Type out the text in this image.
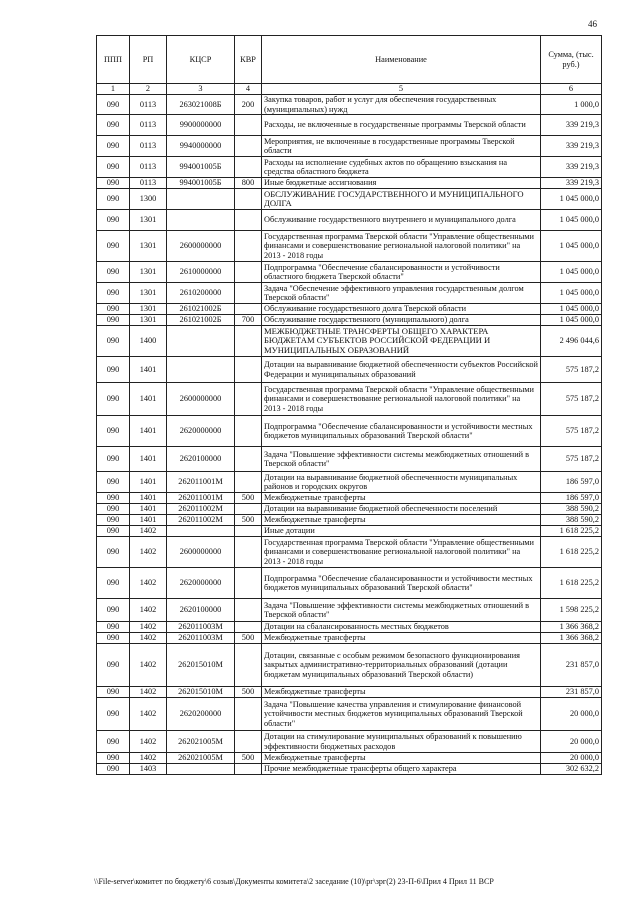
46
ППП	РП	КЦСР	КВР	Наименование	Сумма, (тыс. руб.)
1	2	3	4	5	6
090	0113	263021008Б	200	Закупка товаров, работ и услуг для обеспечения государственных (муниципальных) нужд	1 000,0
090	0113	9900000000		Расходы, не включенные в государственные программы Тверской области	339 219,3
090	0113	9940000000		Мероприятия, не включенные в государственные программы Тверской области	339 219,3
090	0113	994001005Б		Расходы на исполнение судебных актов по обращению взыскания на средства областного бюджета	339 219,3
090	0113	994001005Б	800	Иные бюджетные ассигнования	339 219,3
090	1300			ОБСЛУЖИВАНИЕ ГОСУДАРСТВЕННОГО И МУНИЦИПАЛЬНОГО ДОЛГА	1 045 000,0
090	1301			Обслуживание государственного внутреннего и муниципального долга	1 045 000,0
090	1301	2600000000		Государственная программа Тверской области "Управление общественными финансами и совершенствование региональной налоговой политики" на 2013 - 2018 годы	1 045 000,0
090	1301	2610000000		Подпрограмма "Обеспечение сбалансированности и устойчивости областного бюджета Тверской области"	1 045 000,0
090	1301	2610200000		Задача "Обеспечение эффективного управления государственным долгом Тверской области"	1 045 000,0
090	1301	261021002Б		Обслуживание государственного долга Тверской области	1 045 000,0
090	1301	261021002Б	700	Обслуживание государственного (муниципального) долга	1 045 000,0
090	1400			МЕЖБЮДЖЕТНЫЕ ТРАНСФЕРТЫ ОБЩЕГО ХАРАКТЕРА БЮДЖЕТАМ СУБЪЕКТОВ РОССИЙСКОЙ ФЕДЕРАЦИИ И МУНИЦИПАЛЬНЫХ ОБРАЗОВАНИЙ	2 496 044,6
090	1401			Дотации на выравнивание бюджетной обеспеченности субъектов Российской Федерации и муниципальных образований	575 187,2
090	1401	2600000000		Государственная программа Тверской области "Управление общественными финансами и совершенствование региональной налоговой политики" на 2013 - 2018 годы	575 187,2
090	1401	2620000000		Подпрограмма "Обеспечение сбалансированности и устойчивости местных бюджетов муниципальных образований Тверской области"	575 187,2
090	1401	2620100000		Задача "Повышение эффективности системы межбюджетных отношений в Тверской области"	575 187,2
090	1401	262011001М		Дотации на выравнивание бюджетной обеспеченности муниципальных районов и городских округов	186 597,0
090	1401	262011001М	500	Межбюджетные трансферты	186 597,0
090	1401	262011002М		Дотации на выравнивание бюджетной обеспеченности поселений	388 590,2
090	1401	262011002М	500	Межбюджетные трансферты	388 590,2
090	1402			Иные дотации	1 618 225,2
090	1402	2600000000		Государственная программа Тверской области "Управление общественными финансами и совершенствование региональной налоговой политики" на 2013 - 2018 годы	1 618 225,2
090	1402	2620000000		Подпрограмма "Обеспечение сбалансированности и устойчивости местных бюджетов муниципальных образований Тверской области"	1 618 225,2
090	1402	2620100000		Задача "Повышение эффективности системы межбюджетных отношений в Тверской области"	1 598 225,2
090	1402	262011003М		Дотации на сбалансированность местных бюджетов	1 366 368,2
090	1402	262011003М	500	Межбюджетные трансферты	1 366 368,2
090	1402	262015010М		Дотации, связанные с особым режимом безопасного функционирования закрытых административно-территориальных образований (дотации бюджетам муниципальных образований Тверской области)	231 857,0
090	1402	262015010М	500	Межбюджетные трансферты	231 857,0
090	1402	2620200000		Задача "Повышение качества управления и стимулирование финансовой устойчивости местных бюджетов муниципальных образований Тверской области"	20 000,0
090	1402	262021005М		Дотации на стимулирование муниципальных образований к повышению эффективности бюджетных расходов	20 000,0
090	1402	262021005М	500	Межбюджетные трансферты	20 000,0
090	1403			Прочие межбюджетные трансферты общего характера	302 632,2
\\File-server\комитет по бюджету\6 созыв\Документы комитета\2 заседание (10)\рг\зрг(2) 23-П-6\Прил 4 Прил 11 ВСР
